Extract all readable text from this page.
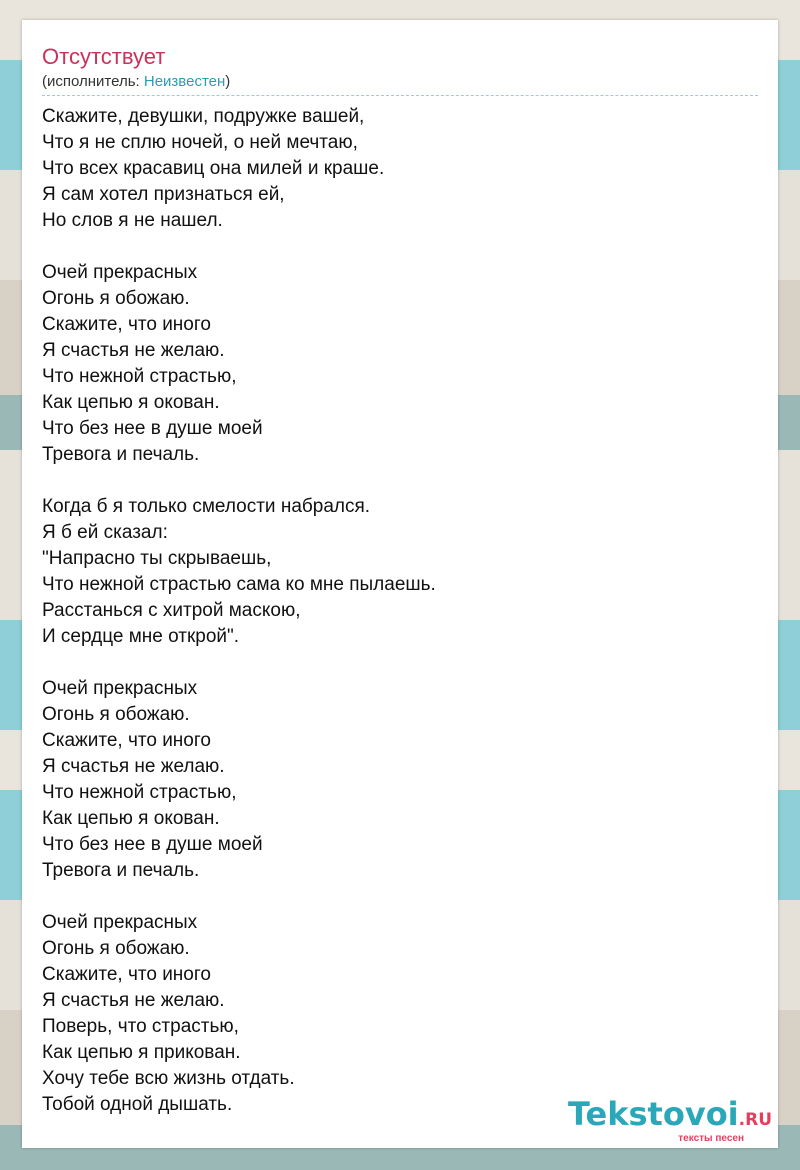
Отсутствует
(исполнитель: Неизвестен)
Скажите, девушки, подружке вашей,
Что я не сплю ночей, о ней мечтаю,
Что всех красавиц она милей и краше.
Я сам хотел признаться ей,
Но слов я не нашел.
Очей прекрасных
Огонь я обожаю.
Скажите, что иного
Я счастья не желаю.
Что нежной страстью,
Как цепью я окован.
Что без нее в душе моей
Тревога и печаль.
Когда б я только смелости набрался.
Я б ей сказал:
"Напрасно ты скрываешь,
Что нежной страстью сама ко мне пылаешь.
Расстанься с хитрой маскою,
И сердце мне открой".
Очей прекрасных
Огонь я обожаю.
Скажите, что иного
Я счастья не желаю.
Что нежной страстью,
Как цепью я окован.
Что без нее в душе моей
Тревога и печаль.
Очей прекрасных
Огонь я обожаю.
Скажите, что иного
Я счастья не желаю.
Поверь, что страстью,
Как цепью я прикован.
Хочу тебе всю жизнь отдать.
Тобой одной дышать.	Tekstovoi.RU
тексты песен
